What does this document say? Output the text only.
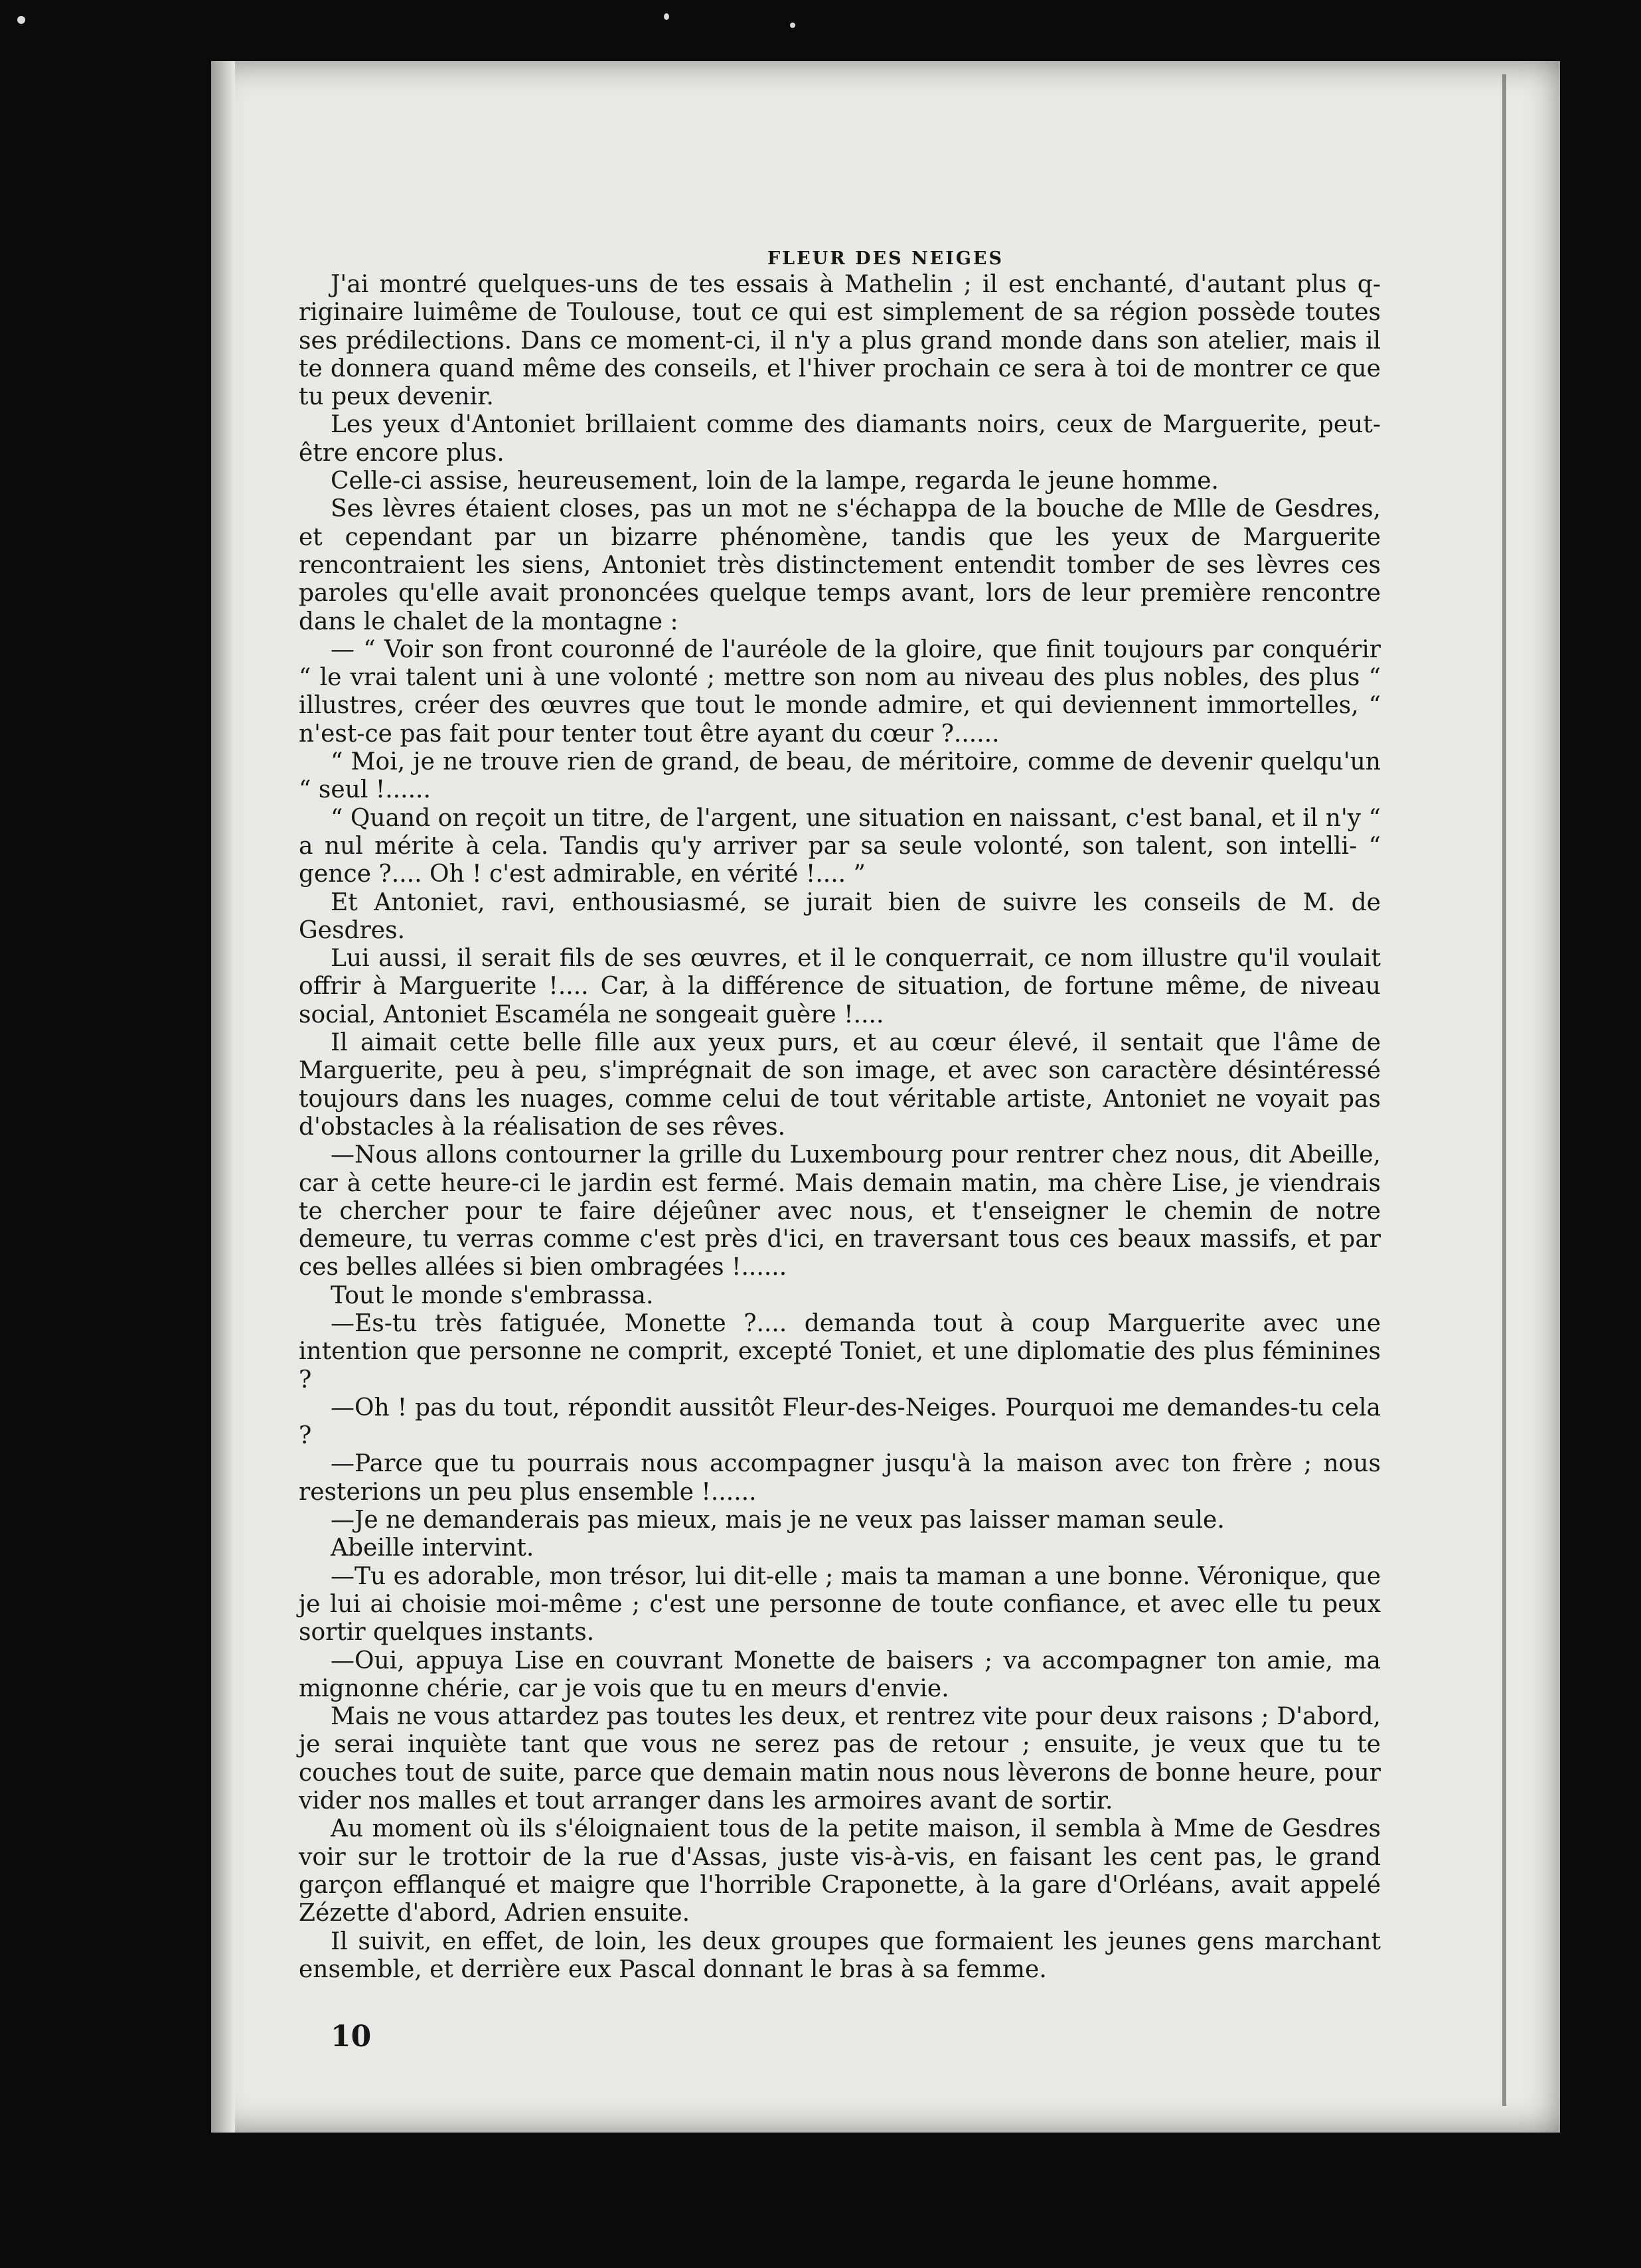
FLEUR DES NEIGES

J'ai montré quelques-uns de tes essais à Mathelin ; il est enchanté, d'autant plus q- riginaire luimême de Toulouse, tout ce qui est simplement de sa région possède toutes ses prédilections. Dans ce moment-ci, il n'y a plus grand monde dans son atelier, mais il te donnera quand même des conseils, et l'hiver prochain ce sera à toi de montrer ce que tu peux devenir.

Les yeux d'Antoniet brillaient comme des diamants noirs, ceux de Marguerite, peut-être encore plus.

Celle-ci assise, heureusement, loin de la lampe, regarda le jeune homme.

Ses lèvres étaient closes, pas un mot ne s'échappa de la bouche de Mlle de Gesdres, et cependant par un bizarre phénomène, tandis que les yeux de Marguerite rencontraient les siens, Antoniet très distinctement entendit tomber de ses lèvres ces paroles qu'elle avait prononcées quelque temps avant, lors de leur première rencontre dans le chalet de la montagne :

— “ Voir son front couronné de l'auréole de la gloire, que finit toujours par conquérir “ le vrai talent uni à une volonté ; mettre son nom au niveau des plus nobles, des plus “ illustres, créer des œuvres que tout le monde admire, et qui deviennent immortelles, “ n'est-ce pas fait pour tenter tout être ayant du cœur ?......

“ Moi, je ne trouve rien de grand, de beau, de méritoire, comme de devenir quelqu'un “ seul !......

“ Quand on reçoit un titre, de l'argent, une situation en naissant, c'est banal, et il n'y “ a nul mérite à cela. Tandis qu'y arriver par sa seule volonté, son talent, son intelli- “ gence ?.... Oh ! c'est admirable, en vérité !.... ”

Et Antoniet, ravi, enthousiasmé, se jurait bien de suivre les conseils de M. de Gesdres.

Lui aussi, il serait fils de ses œuvres, et il le conquerrait, ce nom illustre qu'il voulait offrir à Marguerite !.... Car, à la différence de situation, de fortune même, de niveau social, Antoniet Escaméla ne songeait guère !....

Il aimait cette belle fille aux yeux purs, et au cœur élevé, il sentait que l'âme de Marguerite, peu à peu, s'imprégnait de son image, et avec son caractère désintéressé toujours dans les nuages, comme celui de tout véritable artiste, Antoniet ne voyait pas d'obstacles à la réalisation de ses rêves.

—Nous allons contourner la grille du Luxembourg pour rentrer chez nous, dit Abeille, car à cette heure-ci le jardin est fermé. Mais demain matin, ma chère Lise, je viendrais te chercher pour te faire déjeûner avec nous, et t'enseigner le chemin de notre demeure, tu verras comme c'est près d'ici, en traversant tous ces beaux massifs, et par ces belles allées si bien ombragées !......

Tout le monde s'embrassa.

—Es-tu très fatiguée, Monette ?.... demanda tout à coup Marguerite avec une intention que personne ne comprit, excepté Toniet, et une diplomatie des plus féminines ?

—Oh ! pas du tout, répondit aussitôt Fleur-des-Neiges. Pourquoi me demandes-tu cela ?

—Parce que tu pourrais nous accompagner jusqu'à la maison avec ton frère ; nous resterions un peu plus ensemble !......

—Je ne demanderais pas mieux, mais je ne veux pas laisser maman seule.

Abeille intervint.

—Tu es adorable, mon trésor, lui dit-elle ; mais ta maman a une bonne. Véronique, que je lui ai choisie moi-même ; c'est une personne de toute confiance, et avec elle tu peux sortir quelques instants.

—Oui, appuya Lise en couvrant Monette de baisers ; va accompagner ton amie, ma mignonne chérie, car je vois que tu en meurs d'envie.

Mais ne vous attardez pas toutes les deux, et rentrez vite pour deux raisons ; D'abord, je serai inquiète tant que vous ne serez pas de retour ; ensuite, je veux que tu te couches tout de suite, parce que demain matin nous nous lèverons de bonne heure, pour vider nos malles et tout arranger dans les armoires avant de sortir.

Au moment où ils s'éloignaient tous de la petite maison, il sembla à Mme de Gesdres voir sur le trottoir de la rue d'Assas, juste vis-à-vis, en faisant les cent pas, le grand garçon efflanqué et maigre que l'horrible Craponette, à la gare d'Orléans, avait appelé Zézette d'abord, Adrien ensuite.

Il suivit, en effet, de loin, les deux groupes que formaient les jeunes gens marchant ensemble, et derrière eux Pascal donnant le bras à sa femme.

10
